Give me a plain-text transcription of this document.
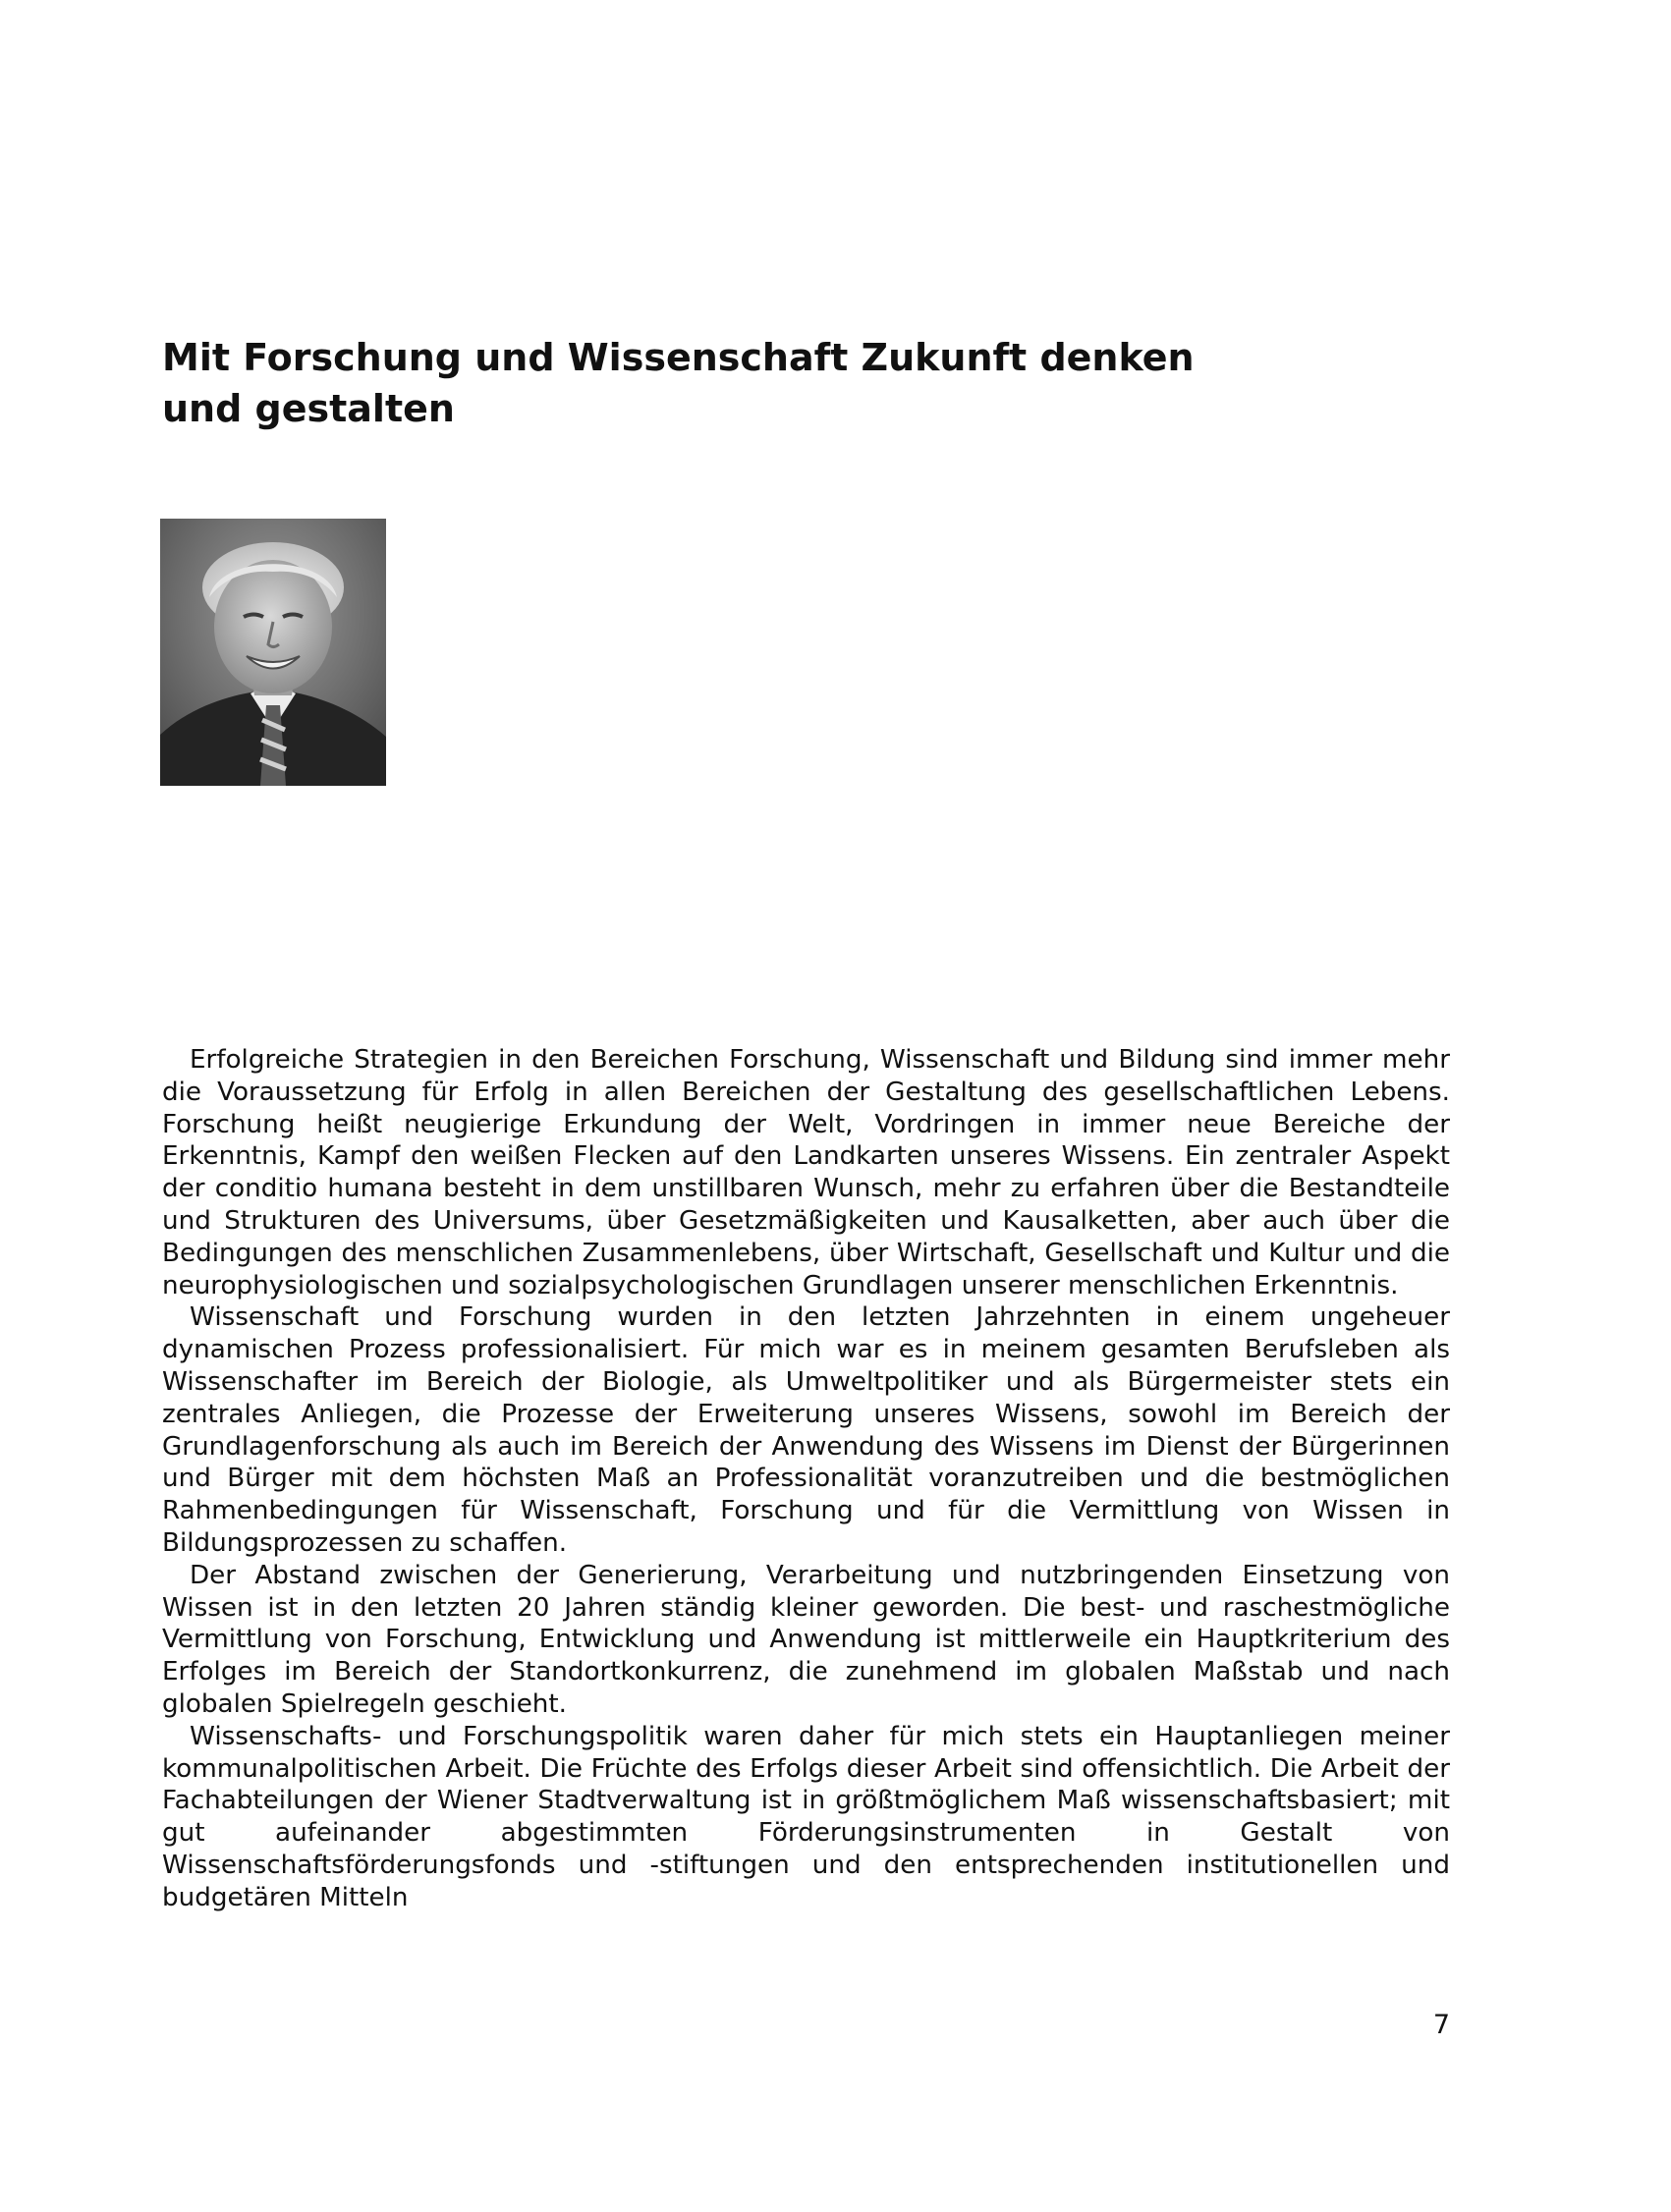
Mit Forschung und Wissenschaft Zukunft denken
und gestalten

Erfolgreiche Strategien in den Bereichen Forschung, Wissenschaft und Bildung sind immer mehr die Voraussetzung für Erfolg in allen Bereichen der Gestaltung des gesellschaftlichen Lebens. Forschung heißt neugierige Erkundung der Welt, Vordringen in immer neue Bereiche der Erkenntnis, Kampf den weißen Flecken auf den Landkarten unseres Wissens. Ein zentraler Aspekt der conditio humana besteht in dem unstillbaren Wunsch, mehr zu erfahren über die Bestandteile und Strukturen des Universums, über Gesetzmäßigkeiten und Kausalketten, aber auch über die Bedingungen des menschlichen Zusammenlebens, über Wirtschaft, Gesellschaft und Kultur und die neurophysiologischen und sozialpsychologischen Grundlagen unserer menschlichen Erkenntnis.

Wissenschaft und Forschung wurden in den letzten Jahrzehnten in einem ungeheuer dynamischen Prozess professionalisiert. Für mich war es in meinem gesamten Berufsleben als Wissenschafter im Bereich der Biologie, als Umweltpolitiker und als Bürgermeister stets ein zentrales Anliegen, die Prozesse der Erweiterung unseres Wissens, sowohl im Bereich der Grundlagenforschung als auch im Bereich der Anwendung des Wissens im Dienst der Bürgerinnen und Bürger mit dem höchsten Maß an Professionalität voranzutreiben und die bestmöglichen Rahmenbedingungen für Wissenschaft, Forschung und für die Vermittlung von Wissen in Bildungsprozessen zu schaffen.

Der Abstand zwischen der Generierung, Verarbeitung und nutzbringenden Einsetzung von Wissen ist in den letzten 20 Jahren ständig kleiner geworden. Die best- und raschestmögliche Vermittlung von Forschung, Entwicklung und Anwendung ist mittlerweile ein Hauptkriterium des Erfolges im Bereich der Standortkonkurrenz, die zunehmend im globalen Maßstab und nach globalen Spielregeln geschieht.

Wissenschafts- und Forschungspolitik waren daher für mich stets ein Hauptanliegen meiner kommunalpolitischen Arbeit. Die Früchte des Erfolgs dieser Arbeit sind offensichtlich. Die Arbeit der Fachabteilungen der Wiener Stadtverwaltung ist in größtmöglichem Maß wissenschaftsbasiert; mit gut aufeinander abgestimmten Förderungsinstrumenten in Gestalt von Wissenschaftsförderungsfonds und -stiftungen und den entsprechenden institutionellen und budgetären Mitteln

7
